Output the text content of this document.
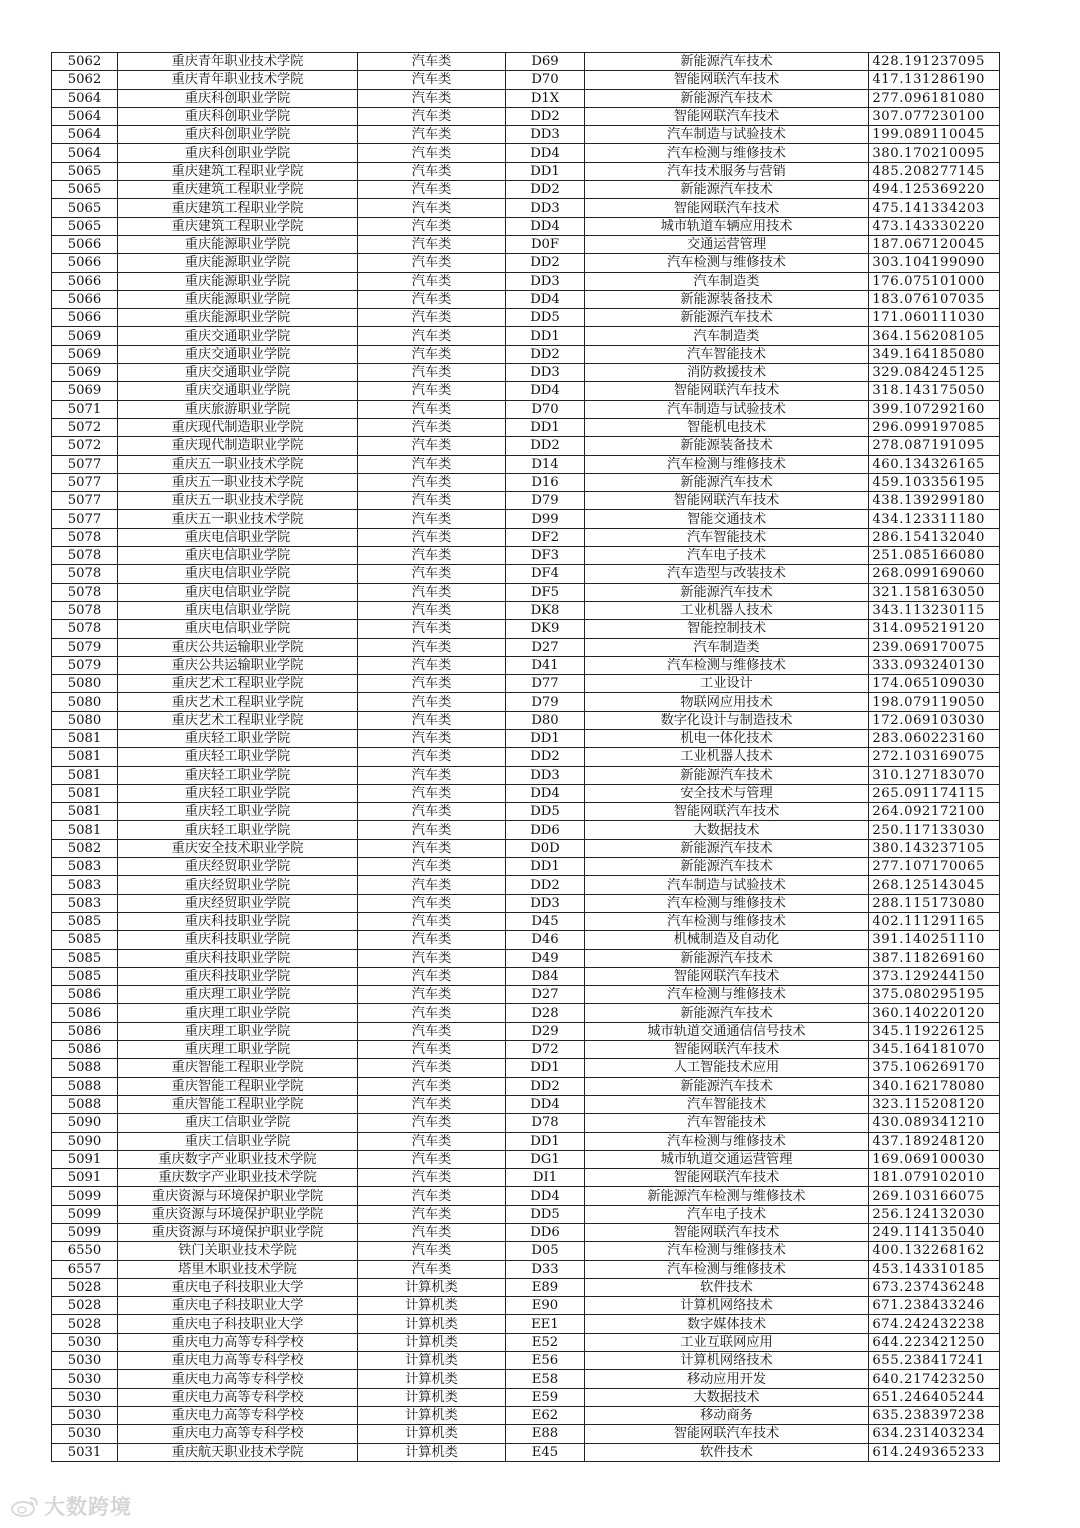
5062	重庆青年职业技术学院	汽车类	D69	新能源汽车技术	428.191237095
5062	重庆青年职业技术学院	汽车类	D70	智能网联汽车技术	417.131286190
5064	重庆科创职业学院	汽车类	D1X	新能源汽车技术	277.096181080
5064	重庆科创职业学院	汽车类	DD2	智能网联汽车技术	307.077230100
5064	重庆科创职业学院	汽车类	DD3	汽车制造与试验技术	199.089110045
5064	重庆科创职业学院	汽车类	DD4	汽车检测与维修技术	380.170210095
5065	重庆建筑工程职业学院	汽车类	DD1	汽车技术服务与营销	485.208277145
5065	重庆建筑工程职业学院	汽车类	DD2	新能源汽车技术	494.125369220
5065	重庆建筑工程职业学院	汽车类	DD3	智能网联汽车技术	475.141334203
5065	重庆建筑工程职业学院	汽车类	DD4	城市轨道车辆应用技术	473.143330220
5066	重庆能源职业学院	汽车类	D0F	交通运营管理	187.067120045
5066	重庆能源职业学院	汽车类	DD2	汽车检测与维修技术	303.104199090
5066	重庆能源职业学院	汽车类	DD3	汽车制造类	176.075101000
5066	重庆能源职业学院	汽车类	DD4	新能源装备技术	183.076107035
5066	重庆能源职业学院	汽车类	DD5	新能源汽车技术	171.060111030
5069	重庆交通职业学院	汽车类	DD1	汽车制造类	364.156208105
5069	重庆交通职业学院	汽车类	DD2	汽车智能技术	349.164185080
5069	重庆交通职业学院	汽车类	DD3	消防救援技术	329.084245125
5069	重庆交通职业学院	汽车类	DD4	智能网联汽车技术	318.143175050
5071	重庆旅游职业学院	汽车类	D70	汽车制造与试验技术	399.107292160
5072	重庆现代制造职业学院	汽车类	DD1	智能机电技术	296.099197085
5072	重庆现代制造职业学院	汽车类	DD2	新能源装备技术	278.087191095
5077	重庆五一职业技术学院	汽车类	D14	汽车检测与维修技术	460.134326165
5077	重庆五一职业技术学院	汽车类	D16	新能源汽车技术	459.103356195
5077	重庆五一职业技术学院	汽车类	D79	智能网联汽车技术	438.139299180
5077	重庆五一职业技术学院	汽车类	D99	智能交通技术	434.123311180
5078	重庆电信职业学院	汽车类	DF2	汽车智能技术	286.154132040
5078	重庆电信职业学院	汽车类	DF3	汽车电子技术	251.085166080
5078	重庆电信职业学院	汽车类	DF4	汽车造型与改装技术	268.099169060
5078	重庆电信职业学院	汽车类	DF5	新能源汽车技术	321.158163050
5078	重庆电信职业学院	汽车类	DK8	工业机器人技术	343.113230115
5078	重庆电信职业学院	汽车类	DK9	智能控制技术	314.095219120
5079	重庆公共运输职业学院	汽车类	D27	汽车制造类	239.069170075
5079	重庆公共运输职业学院	汽车类	D41	汽车检测与维修技术	333.093240130
5080	重庆艺术工程职业学院	汽车类	D77	工业设计	174.065109030
5080	重庆艺术工程职业学院	汽车类	D79	物联网应用技术	198.079119050
5080	重庆艺术工程职业学院	汽车类	D80	数字化设计与制造技术	172.069103030
5081	重庆轻工职业学院	汽车类	DD1	机电一体化技术	283.060223160
5081	重庆轻工职业学院	汽车类	DD2	工业机器人技术	272.103169075
5081	重庆轻工职业学院	汽车类	DD3	新能源汽车技术	310.127183070
5081	重庆轻工职业学院	汽车类	DD4	安全技术与管理	265.091174115
5081	重庆轻工职业学院	汽车类	DD5	智能网联汽车技术	264.092172100
5081	重庆轻工职业学院	汽车类	DD6	大数据技术	250.117133030
5082	重庆安全技术职业学院	汽车类	D0D	新能源汽车技术	380.143237105
5083	重庆经贸职业学院	汽车类	DD1	新能源汽车技术	277.107170065
5083	重庆经贸职业学院	汽车类	DD2	汽车制造与试验技术	268.125143045
5083	重庆经贸职业学院	汽车类	DD3	汽车检测与维修技术	288.115173080
5085	重庆科技职业学院	汽车类	D45	汽车检测与维修技术	402.111291165
5085	重庆科技职业学院	汽车类	D46	机械制造及自动化	391.140251110
5085	重庆科技职业学院	汽车类	D49	新能源汽车技术	387.118269160
5085	重庆科技职业学院	汽车类	D84	智能网联汽车技术	373.129244150
5086	重庆理工职业学院	汽车类	D27	汽车检测与维修技术	375.080295195
5086	重庆理工职业学院	汽车类	D28	新能源汽车技术	360.140220120
5086	重庆理工职业学院	汽车类	D29	城市轨道交通通信信号技术	345.119226125
5086	重庆理工职业学院	汽车类	D72	智能网联汽车技术	345.164181070
5088	重庆智能工程职业学院	汽车类	DD1	人工智能技术应用	375.106269170
5088	重庆智能工程职业学院	汽车类	DD2	新能源汽车技术	340.162178080
5088	重庆智能工程职业学院	汽车类	DD4	汽车智能技术	323.115208120
5090	重庆工信职业学院	汽车类	D78	汽车智能技术	430.089341210
5090	重庆工信职业学院	汽车类	DD1	汽车检测与维修技术	437.189248120
5091	重庆数字产业职业技术学院	汽车类	DG1	城市轨道交通运营管理	169.069100030
5091	重庆数字产业职业技术学院	汽车类	DI1	智能网联汽车技术	181.079102010
5099	重庆资源与环境保护职业学院	汽车类	DD4	新能源汽车检测与维修技术	269.103166075
5099	重庆资源与环境保护职业学院	汽车类	DD5	汽车电子技术	256.124132030
5099	重庆资源与环境保护职业学院	汽车类	DD6	智能网联汽车技术	249.114135040
6550	铁门关职业技术学院	汽车类	D05	汽车检测与维修技术	400.132268162
6557	塔里木职业技术学院	汽车类	D33	汽车检测与维修技术	453.143310185
5028	重庆电子科技职业大学	计算机类	E89	软件技术	673.237436248
5028	重庆电子科技职业大学	计算机类	E90	计算机网络技术	671.238433246
5028	重庆电子科技职业大学	计算机类	EE1	数字媒体技术	674.242432238
5030	重庆电力高等专科学校	计算机类	E52	工业互联网应用	644.223421250
5030	重庆电力高等专科学校	计算机类	E56	计算机网络技术	655.238417241
5030	重庆电力高等专科学校	计算机类	E58	移动应用开发	640.217423250
5030	重庆电力高等专科学校	计算机类	E59	大数据技术	651.246405244
5030	重庆电力高等专科学校	计算机类	E62	移动商务	635.238397238
5030	重庆电力高等专科学校	计算机类	E88	智能网联汽车技术	634.231403234
5031	重庆航天职业技术学院	计算机类	E45	软件技术	614.249365233
大数跨境
